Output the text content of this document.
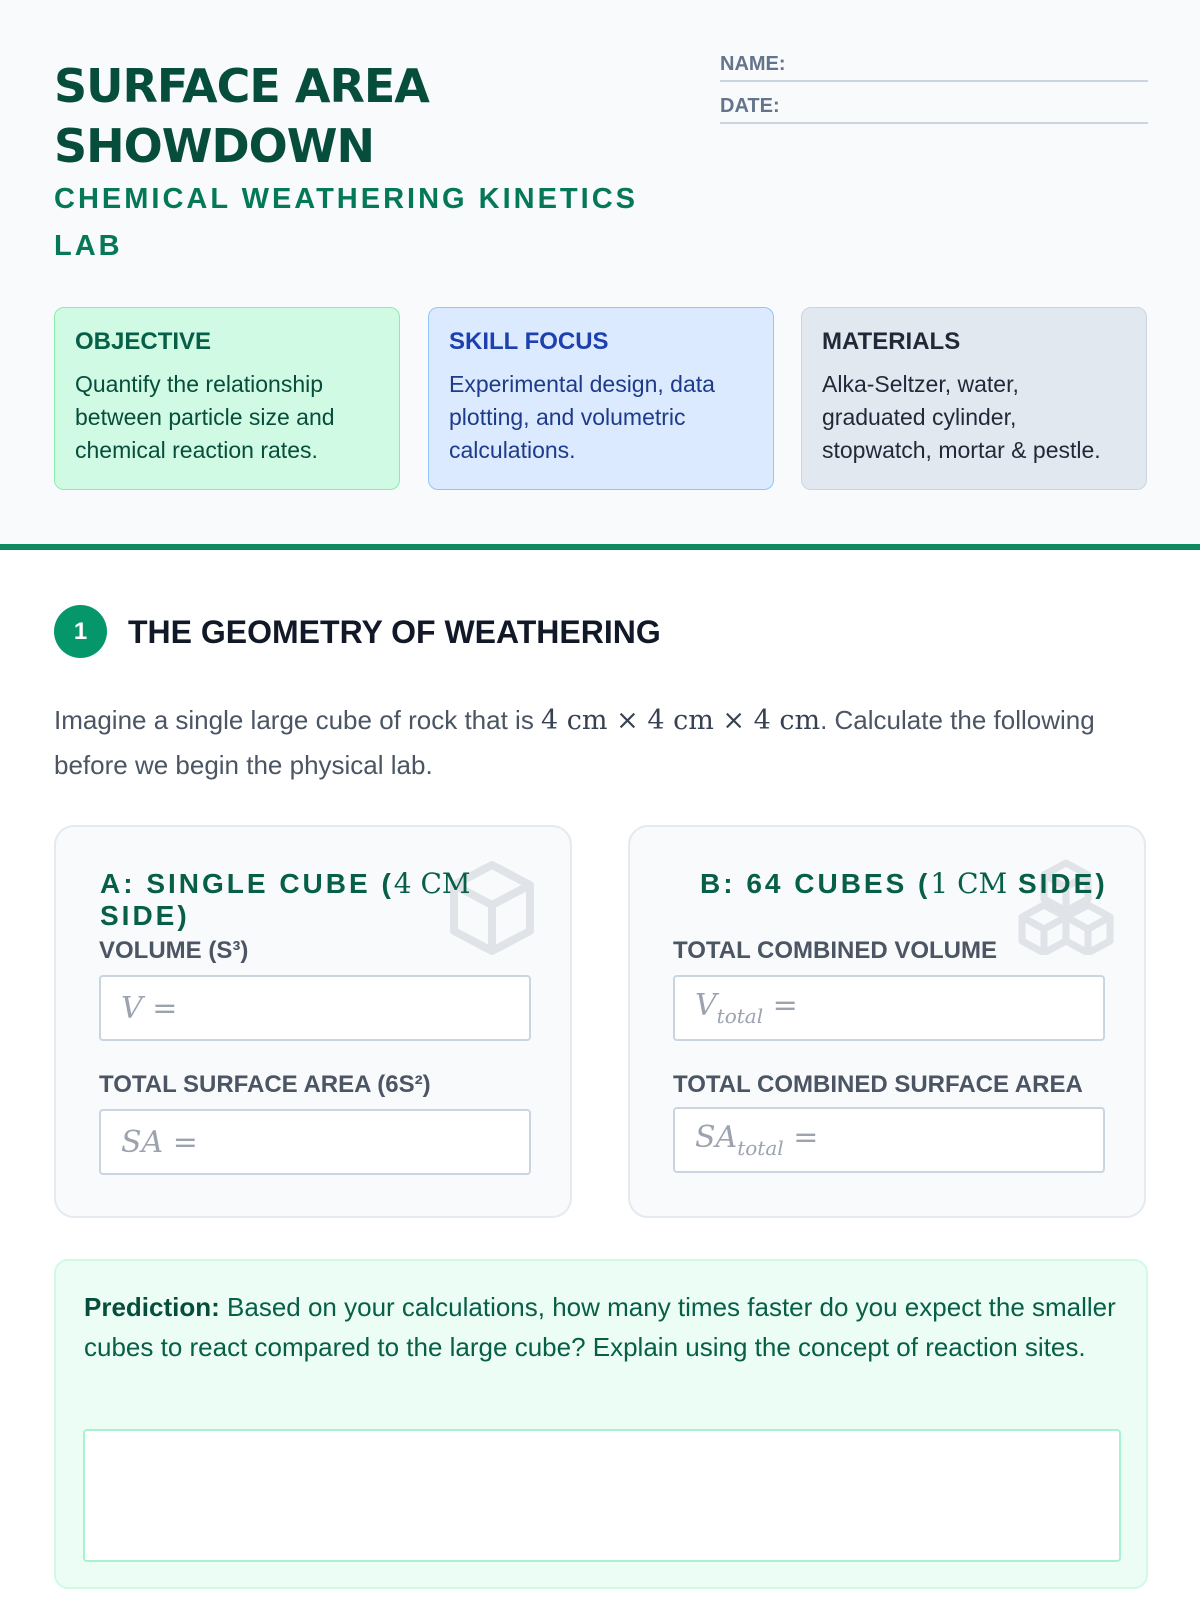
SURFACE AREA
SHOWDOWN
CHEMICAL WEATHERING KINETICS
LAB
NAME:
DATE:
OBJECTIVE
Quantify the relationship between particle size and chemical reaction rates.
SKILL FOCUS
Experimental design, data plotting, and volumetric calculations.
MATERIALS
Alka-Seltzer, water, graduated cylinder, stopwatch, mortar & pestle.
1	THE GEOMETRY OF WEATHERING
Imagine a single large cube of rock that is 4 cm × 4 cm × 4 cm. Calculate the following before we begin the physical lab.
A: SINGLE CUBE (4 CM SIDE)
VOLUME (S³)
V =
TOTAL SURFACE AREA (6S²)
SA =
B: 64 CUBES (1 CM SIDE)
TOTAL COMBINED VOLUME
$V_{total}$ =
TOTAL COMBINED SURFACE AREA
$SA_{total}$ =
Prediction: Based on your calculations, how many times faster do you expect the smaller cubes to react compared to the large cube? Explain using the concept of reaction sites.
